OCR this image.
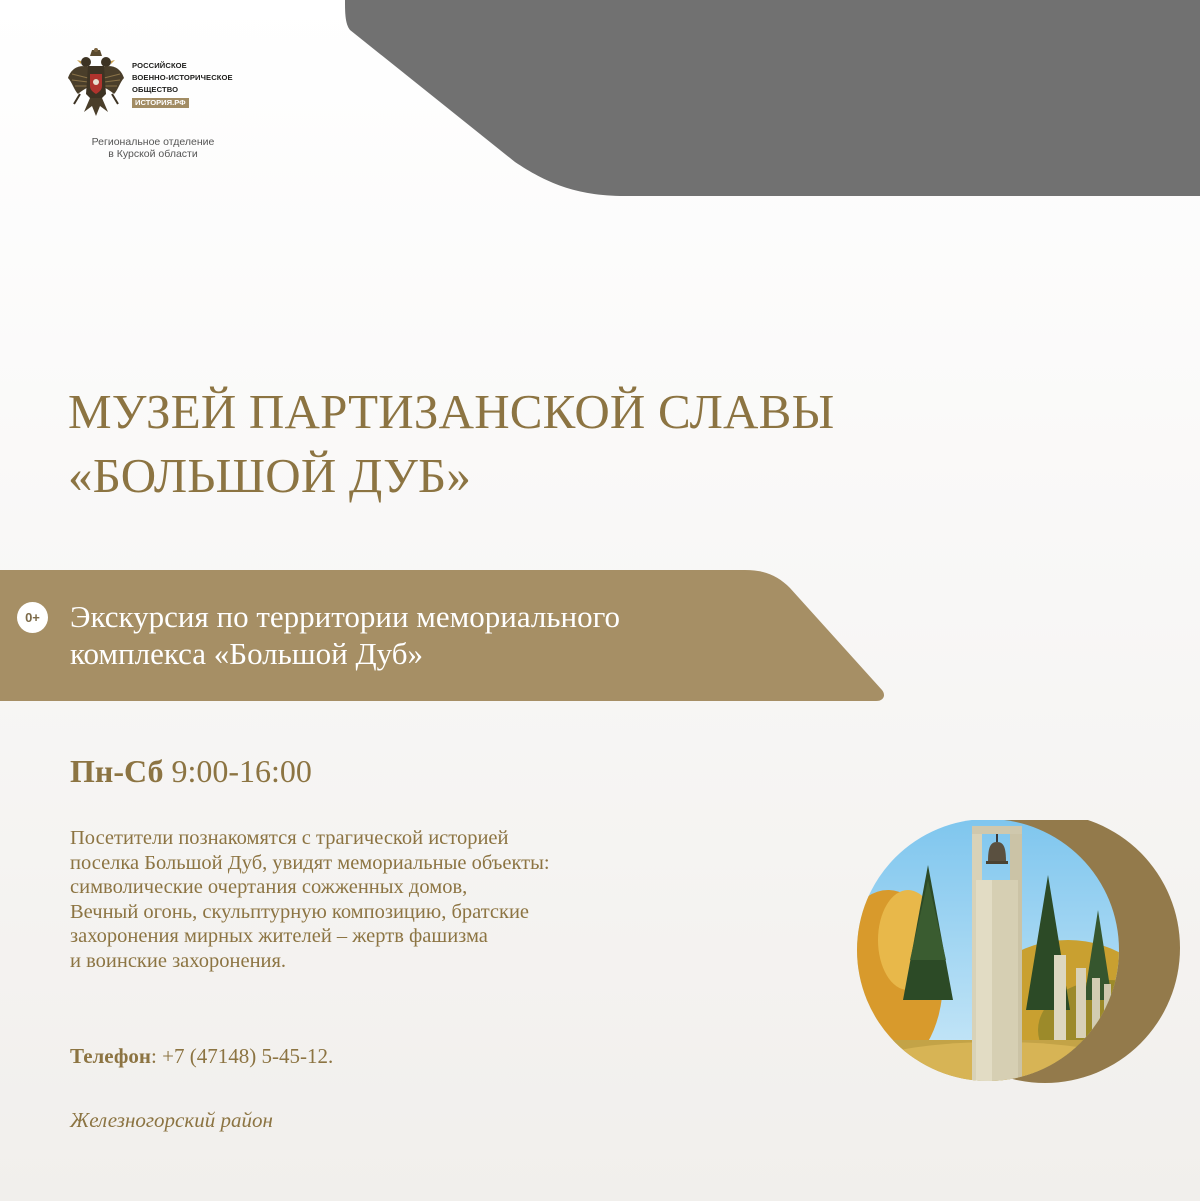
РОССИЙСКОЕ
ВОЕННО-ИСТОРИЧЕСКОЕ
ОБЩЕСТВО
ИСТОРИЯ.РФ
Региональное отделение
в Курской области
МУЗЕЙ ПАРТИЗАНСКОЙ СЛАВЫ
«БОЛЬШОЙ ДУБ»
0+ Экскурсия по территории мемориального
комплекса «Большой Дуб»
Пн-Сб 9:00-16:00
Посетители познакомятся с трагической историей
поселка Большой Дуб, увидят мемориальные объекты:
символические очертания сожженных домов,
Вечный огонь, скульптурную композицию, братские
захоронения мирных жителей – жертв фашизма
и воинские захоронения.
Телефон: +7 (47148) 5-45-12.
Железногорский район
